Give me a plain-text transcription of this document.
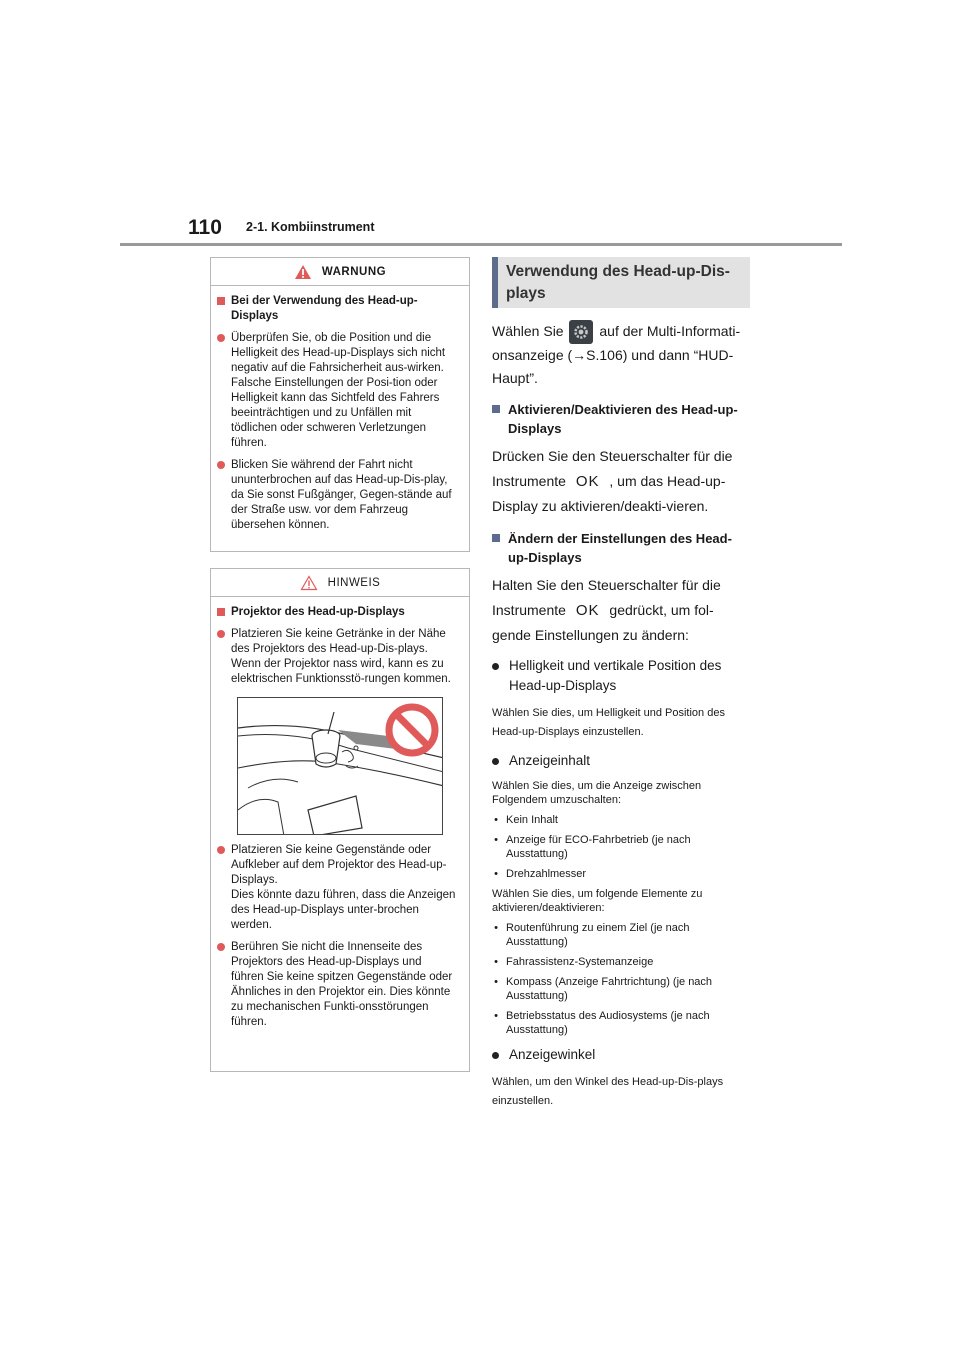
110 2-1. Kombiinstrument
WARNUNG
Bei der Verwendung des Head-up-Displays
Überprüfen Sie, ob die Position und die Helligkeit des Head-up-Displays sich nicht negativ auf die Fahrsicherheit aus-wirken. Falsche Einstellungen der Posi-tion oder Helligkeit kann das Sichtfeld des Fahrers beeinträchtigen und zu Unfällen mit tödlichen oder schweren Verletzungen führen.
Blicken Sie während der Fahrt nicht ununterbrochen auf das Head-up-Dis-play, da Sie sonst Fußgänger, Gegen-stände auf der Straße usw. vor dem Fahrzeug übersehen können.
HINWEIS
Projektor des Head-up-Displays
Platzieren Sie keine Getränke in der Nähe des Projektors des Head-up-Dis-plays. Wenn der Projektor nass wird, kann es zu elektrischen Funktionsstö-rungen kommen.
Platzieren Sie keine Gegenstände oder Aufkleber auf dem Projektor des Head-up-Displays.
Dies könnte dazu führen, dass die Anzeigen des Head-up-Displays unter-brochen werden.
Berühren Sie nicht die Innenseite des Projektors des Head-up-Displays und führen Sie keine spitzen Gegenstände oder Ähnliches in den Projektor ein. Dies könnte zu mechanischen Funkti-onsstörungen führen.
Verwendung des Head-up-Dis-plays
Wählen Sie	auf der Multi-Informati-onsanzeige (→S.106) und dann “HUD-Haupt”.
Aktivieren/Deaktivieren des Head-up-Displays
Drücken Sie den Steuerschalter für die Instrumente OK , um das Head-up-Display zu aktivieren/deakti-vieren.
Ändern der Einstellungen des Head-up-Displays
Halten Sie den Steuerschalter für die Instrumente OK gedrückt, um fol-gende Einstellungen zu ändern:
Helligkeit und vertikale Position des Head-up-Displays
Wählen Sie dies, um Helligkeit und Position des Head-up-Displays einzustellen.
Anzeigeinhalt
Wählen Sie dies, um die Anzeige zwischen Folgendem umzuschalten:
• Kein Inhalt
• Anzeige für ECO-Fahrbetrieb (je nach Ausstattung)
• Drehzahlmesser
Wählen Sie dies, um folgende Elemente zu aktivieren/deaktivieren:
• Routenführung zu einem Ziel (je nach Ausstattung)
• Fahrassistenz-Systemanzeige
• Kompass (Anzeige Fahrtrichtung) (je nach Ausstattung)
• Betriebsstatus des Audiosystems (je nach Ausstattung)
Anzeigewinkel
Wählen, um den Winkel des Head-up-Dis-plays einzustellen.
